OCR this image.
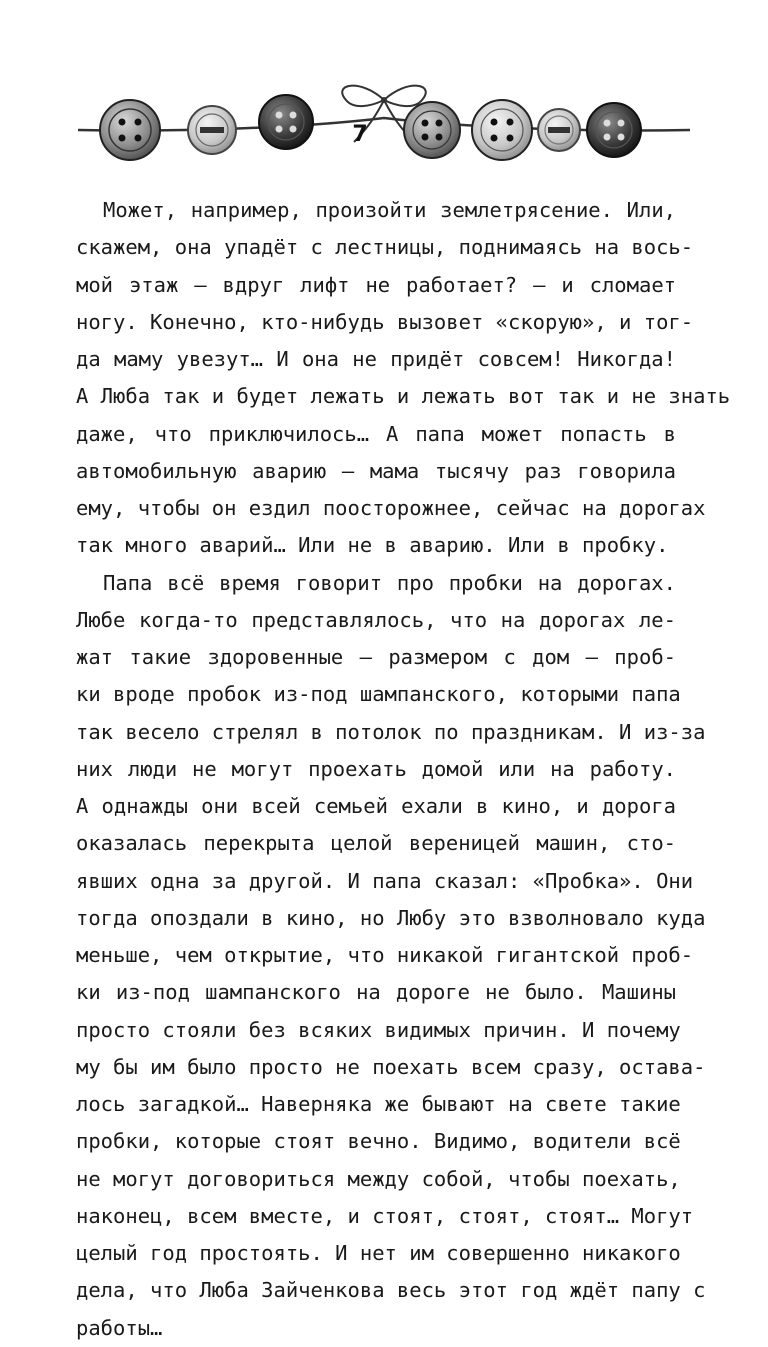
7

Может, например, произойти землетрясение. Или,
скажем, она упадёт с лестницы, поднимаясь на вось-
мой этаж — вдруг лифт не работает? — и сломает
ногу. Конечно, кто-нибудь вызовет «скорую», и тог-
да маму увезут… И она не придёт совсем! Никогда!
А Люба так и будет лежать и лежать вот так и не знать
даже, что приключилось… А папа может попасть в
автомобильную аварию — мама тысячу раз говорила
ему, чтобы он ездил поосторожнее, сейчас на дорогах
так много аварий… Или не в аварию. Или в пробку.

Папа всё время говорит про пробки на дорогах.
Любе когда-то представлялось, что на дорогах ле-
жат такие здоровенные — размером с дом — проб-
ки вроде пробок из-под шампанского, которыми папа
так весело стрелял в потолок по праздникам. И из-за
них люди не могут проехать домой или на работу.
А однажды они всей семьей ехали в кино, и дорога
оказалась перекрыта целой вереницей машин, сто-
явших одна за другой. И папа сказал: «Пробка». Они
тогда опоздали в кино, но Любу это взволновало куда
меньше, чем открытие, что никакой гигантской проб-
ки из-под шампанского на дороге не было. Машины
просто стояли без всяких видимых причин. И почему
му бы им было просто не поехать всем сразу, остава-
лось загадкой… Наверняка же бывают на свете такие
пробки, которые стоят вечно. Видимо, водители всё
не могут договориться между собой, чтобы поехать,
наконец, всем вместе, и стоят, стоят, стоят… Могут
целый год простоять. И нет им совершенно никакого
дела, что Люба Зайченкова весь этот год ждёт папу с
работы…
